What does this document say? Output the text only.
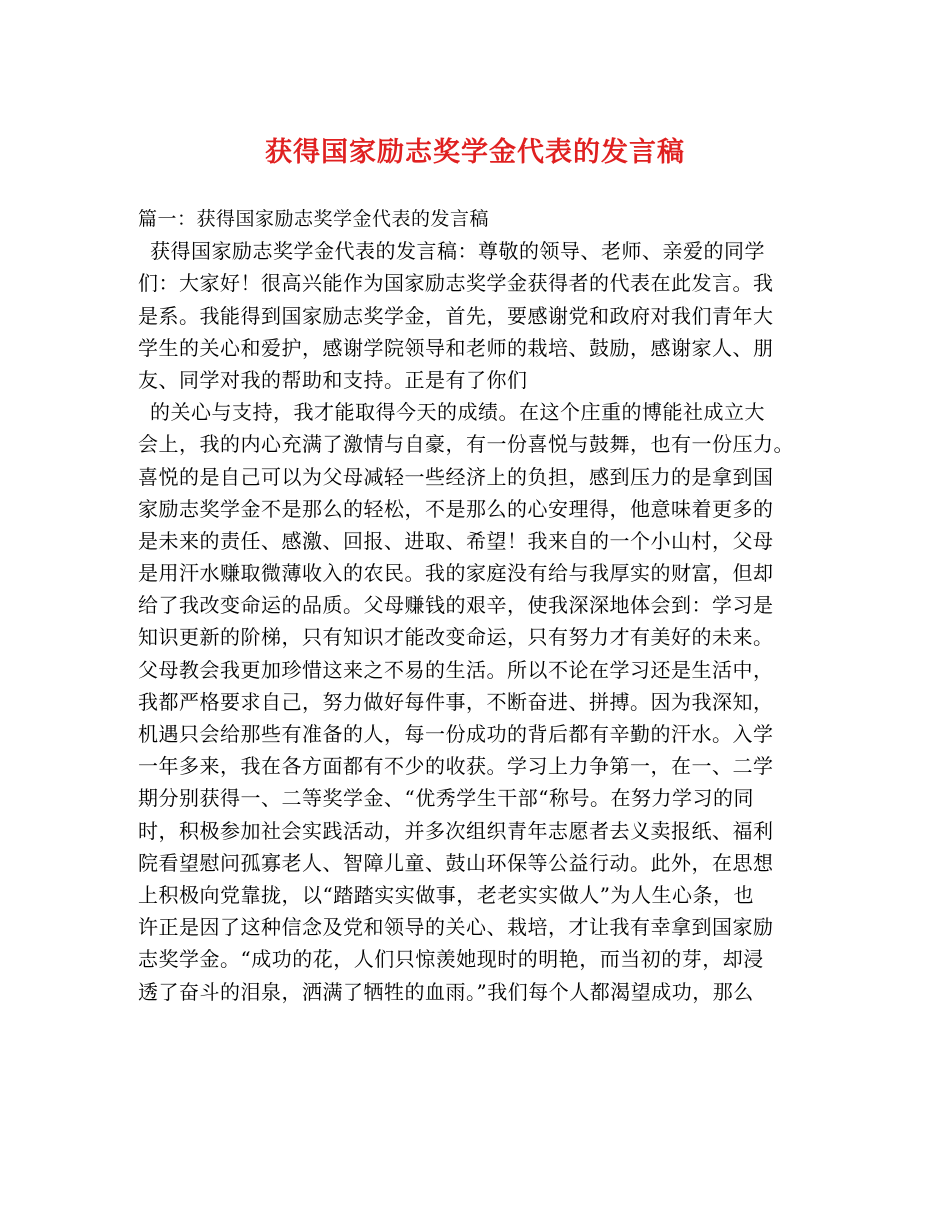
获得国家励志奖学金代表的发言稿
篇一：获得国家励志奖学金代表的发言稿
获得国家励志奖学金代表的发言稿：尊敬的领导、老师、亲爱的同学
们：大家好！很高兴能作为国家励志奖学金获得者的代表在此发言。我
是系。我能得到国家励志奖学金，首先，要感谢党和政府对我们青年大
学生的关心和爱护，感谢学院领导和老师的栽培、鼓励，感谢家人、朋
友、同学对我的帮助和支持。正是有了你们
的关心与支持，我才能取得今天的成绩。在这个庄重的博能社成立大
会上，我的内心充满了激情与自豪，有一份喜悦与鼓舞，也有一份压力。
喜悦的是自己可以为父母减轻一些经济上的负担，感到压力的是拿到国
家励志奖学金不是那么的轻松，不是那么的心安理得，他意味着更多的
是未来的责任、感激、回报、进取、希望！我来自的一个小山村，父母
是用汗水赚取微薄收入的农民。我的家庭没有给与我厚实的财富，但却
给了我改变命运的品质。父母赚钱的艰辛，使我深深地体会到：学习是
知识更新的阶梯，只有知识才能改变命运，只有努力才有美好的未来。
父母教会我更加珍惜这来之不易的生活。所以不论在学习还是生活中，
我都严格要求自己，努力做好每件事，不断奋进、拼搏。因为我深知，
机遇只会给那些有准备的人，每一份成功的背后都有辛勤的汗水。入学
一年多来，我在各方面都有不少的收获。学习上力争第一，在一、二学
期分别获得一、二等奖学金、“优秀学生干部“称号。在努力学习的同
时，积极参加社会实践活动，并多次组织青年志愿者去义卖报纸、福利
院看望慰问孤寡老人、智障儿童、鼓山环保等公益行动。此外，在思想
上积极向党靠拢，以“踏踏实实做事，老老实实做人”为人生心条，也
许正是因了这种信念及党和领导的关心、栽培，才让我有幸拿到国家励
志奖学金。“成功的花，人们只惊羡她现时的明艳，而当初的芽，却浸
透了奋斗的泪泉，洒满了牺牲的血雨。”我们每个人都渴望成功，那么
